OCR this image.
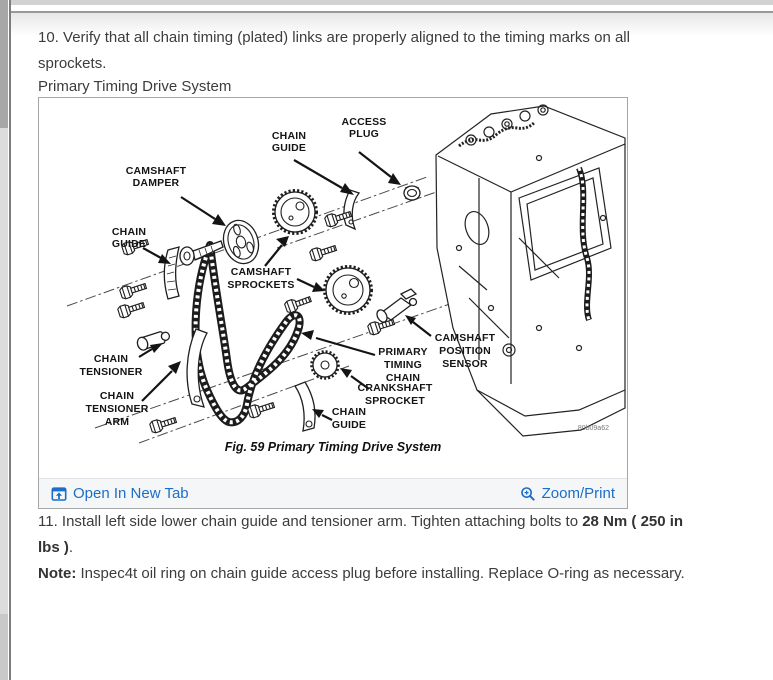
10. Verify that all chain timing (plated) links are properly aligned to the timing marks on all
sprockets.

Primary Timing Drive System

CHAIN
GUIDE
ACCESS
PLUG
CAMSHAFT
DAMPER
CHAIN
GUIDE
CAMSHAFT
SPROCKETS
CHAIN
TENSIONER
CHAIN
TENSIONER
ARM
PRIMARY
TIMING
CHAIN
CAMSHAFT
POSITION
SENSOR
CRANKSHAFT
SPROCKET
CHAIN
GUIDE
Fig. 59 Primary Timing Drive System
80b09a62
Open In New Tab	Zoom/Print

11. Install left side lower chain guide and tensioner arm. Tighten attaching bolts to 28 Nm ( 250 in
lbs ).

Note: Inspec4t oil ring on chain guide access plug before installing. Replace O-ring as necessary.
